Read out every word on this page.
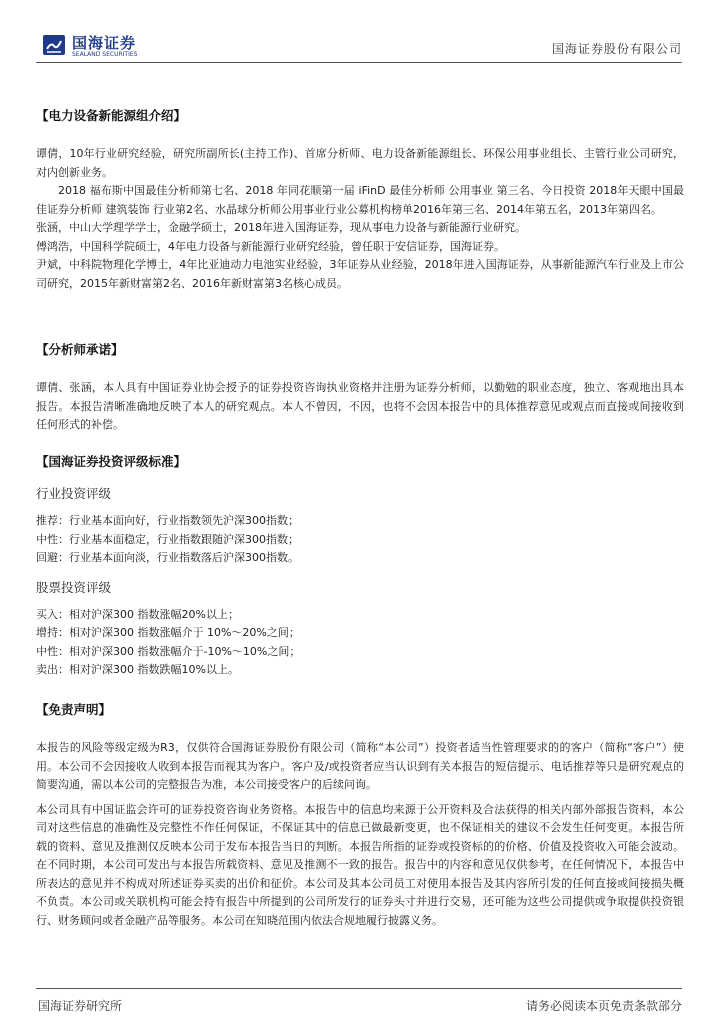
国海证券
SEALAND SECURITIES	国海证券股份有限公司

【电力设备新能源组介绍】

谭倩，10年行业研究经验，研究所副所长(主持工作)、首席分析师、电力设备新能源组长、环保公用事业组长、主管行业公司研究，对内创新业务。

2018 福布斯中国最佳分析师第七名、2018 年同花顺第一届 iFinD 最佳分析师 公用事业 第三名、今日投资 2018年天眼中国最佳证券分析师 建筑装饰 行业第2名、水晶球分析师公用事业行业公募机构榜单2016年第三名、2014年第五名，2013年第四名。

张涵，中山大学理学学士，金融学硕士，2018年进入国海证券，现从事电力设备与新能源行业研究。

傅鸿浩，中国科学院硕士，4年电力设备与新能源行业研究经验，曾任职于安信证券，国海证券。

尹斌，中科院物理化学博士，4年比亚迪动力电池实业经验，3年证券从业经验，2018年进入国海证券，从事新能源汽车行业及上市公司研究，2015年新财富第2名、2016年新财富第3名核心成员。

【分析师承诺】

谭倩、张涵，本人具有中国证券业协会授予的证券投资咨询执业资格并注册为证券分析师，以勤勉的职业态度，独立、客观地出具本报告。本报告清晰准确地反映了本人的研究观点。本人不曾因，不因，也将不会因本报告中的具体推荐意见或观点而直接或间接收到任何形式的补偿。

【国海证券投资评级标准】

行业投资评级

推荐：行业基本面向好，行业指数领先沪深300指数；

中性：行业基本面稳定，行业指数跟随沪深300指数；

回避：行业基本面向淡，行业指数落后沪深300指数。

股票投资评级

买入：相对沪深300 指数涨幅20%以上；

增持：相对沪深300 指数涨幅介于 10%～20%之间；

中性：相对沪深300 指数涨幅介于-10%～10%之间；

卖出：相对沪深300 指数跌幅10%以上。

【免责声明】

本报告的风险等级定级为R3，仅供符合国海证券股份有限公司（简称“本公司”）投资者适当性管理要求的的客户（简称“客户”）使用。本公司不会因接收人收到本报告而视其为客户。客户及/或投资者应当认识到有关本报告的短信提示、电话推荐等只是研究观点的简要沟通，需以本公司的完整报告为准，本公司接受客户的后续问询。

本公司具有中国证监会许可的证券投资咨询业务资格。本报告中的信息均来源于公开资料及合法获得的相关内部外部报告资料，本公司对这些信息的准确性及完整性不作任何保证，不保证其中的信息已做最新变更，也不保证相关的建议不会发生任何变更。本报告所载的资料、意见及推测仅反映本公司于发布本报告当日的判断。本报告所指的证券或投资标的的价格、价值及投资收入可能会波动。在不同时期，本公司可发出与本报告所载资料、意见及推测不一致的报告。报告中的内容和意见仅供参考，在任何情况下，本报告中所表达的意见并不构成对所述证券买卖的出价和征价。本公司及其本公司员工对使用本报告及其内容所引发的任何直接或间接损失概不负责。本公司或关联机构可能会持有报告中所提到的公司所发行的证券头寸并进行交易，还可能为这些公司提供或争取提供投资银行、财务顾问或者金融产品等服务。本公司在知晓范围内依法合规地履行披露义务。

国海证券研究所	请务必阅读本页免责条款部分
